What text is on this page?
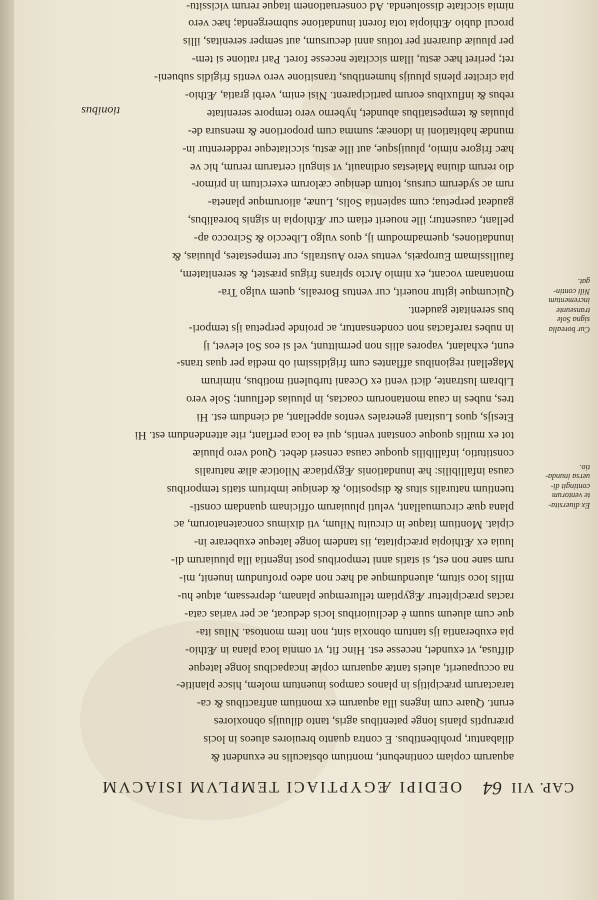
CAP. VII
64
OEDIPI ÆGYPTIACI TEMPLVM ISIACVM
aquarum copiam continebunt, montium obstaculis ne exundent &
dilabantur, prohibentibus. E contra quanto breuiores alueos in locis
præruptis planis longe patentibus agris, tanto diluuijs obnoxiores
erunt. Quare cum ingens illa aquarum ex montium anfractibus & ca-
taractarum præcipitijs in planos campos inuentum molem, hisce planitie-
na occupauerit, alueis tantæ aquarum copiæ incapacibus longe lateque
diffusa, vt exundet, necesse est. Hinc fit, vt omnia loca plana in Æthio-
pia exuberantia ijs tantum obnoxia sint, non item montosa. Nilus ita-
que cum alueum suum è decliuioribus locis deducat, ac per varias cata-
ractas præcipitetur Ægyptiam telluremque planam, depressam, atque hu-
milis loco situm, aluendumque ad hæc non adeo profundum inuenit, mi-
rum sane non est, si statis anni temporibus post ingentia illa pluuiarum di-
luuia ex Æthiopia præcipitata, iis tandem longe lateque exuberare in-
cipiat. Montium itaque in circuitu Nilum, vti diximus concatenatorum, ac
plana quæ circumuallant, veluti pluuiarum officinam quandam consti-
tuentium naturalis situs & dispositio, & denique imbrium statis temporibus
causa infallibilis: hæ inundationis Ægyptiacæ Niloticæ aliæ naturalis
constitutio, infallibilis quoque causa censeri debet. Quod vero pluuiæ
tot ex multis quoque constant ventis, qui ea loca perflant, rite attendendum est. Hi
Etesijs, quos Lusitani generales ventos appellant, ad ciendum est. Hi
tres, nubes in caua montanorum coactas, in pluuias defluunt; Sole vero
Libram lustrante, dicti venti ex Oceani turbulenti motibus, nimirum
Magellani regionibus afflantes cum frigidissimi ob media per quas trans-
eunt, exhalant, vapores aliis non permittunt, vel si eos Sol elevet, ij
in nubes rarefactas non condensantur, ac proinde perpetua ijs tempori-
bus serenitate gaudent.
Quicumque igitur nouerit, cur ventus Borealis, quem vulgo Tra-
montanam vocant, ex nimio Arcto spirans frigus præstet, & serenitatem,
fauilissimam Europæis, ventus vero Australis, cur tempestates, pluuias, &
inundationes, quemadmodum ij, quos vulgo Libeccio & Scirocco ap-
pellant, causentur; ille nouerit etiam cur Æthiopia in signis borealibus,
gaudeat perpetua; cum sapientia Solis, Lunæ, aliorumque planeta-
rum ac syderum cursus, totum denique cælorum exercitum in primor-
dio rerum diuina Maiestas ordinauit, vt singuli certarum rerum, hic ve
hæc frigore nimio, pluuijsque, aut ille æstu, siccitateque redderentur in-
mundæ habitationi in idoneæ; summa cum proportione & mensura de-
pluuias & tempestatibus abundet, hyberno vero tempore serenitate
rebus & influxibus eorum participarent. Nisi enim, verbi gratia, Æthio-
pia circiter plenis pluuijs humentibus, transitione vero ventis frigidis subueni-
ret; periret hæc æstu, illam siccitate necesse foret. Pari ratione si tem-
per pluuiæ durarent per totius anni decursum, aut semper serenitas, illis
procul dubio Æthiopia tota forent inundatione submergenda; hæc vero
nimia siccitate dissoluenda. Ad conseruationem itaque rerum vicissitu-
tionibus
Ex diuersita-
te ventorum
contingit di-
uersa inunda-
tio.
Cur borealia
signa Sole
transeunte
incrementum
Nili contin-
gat.
